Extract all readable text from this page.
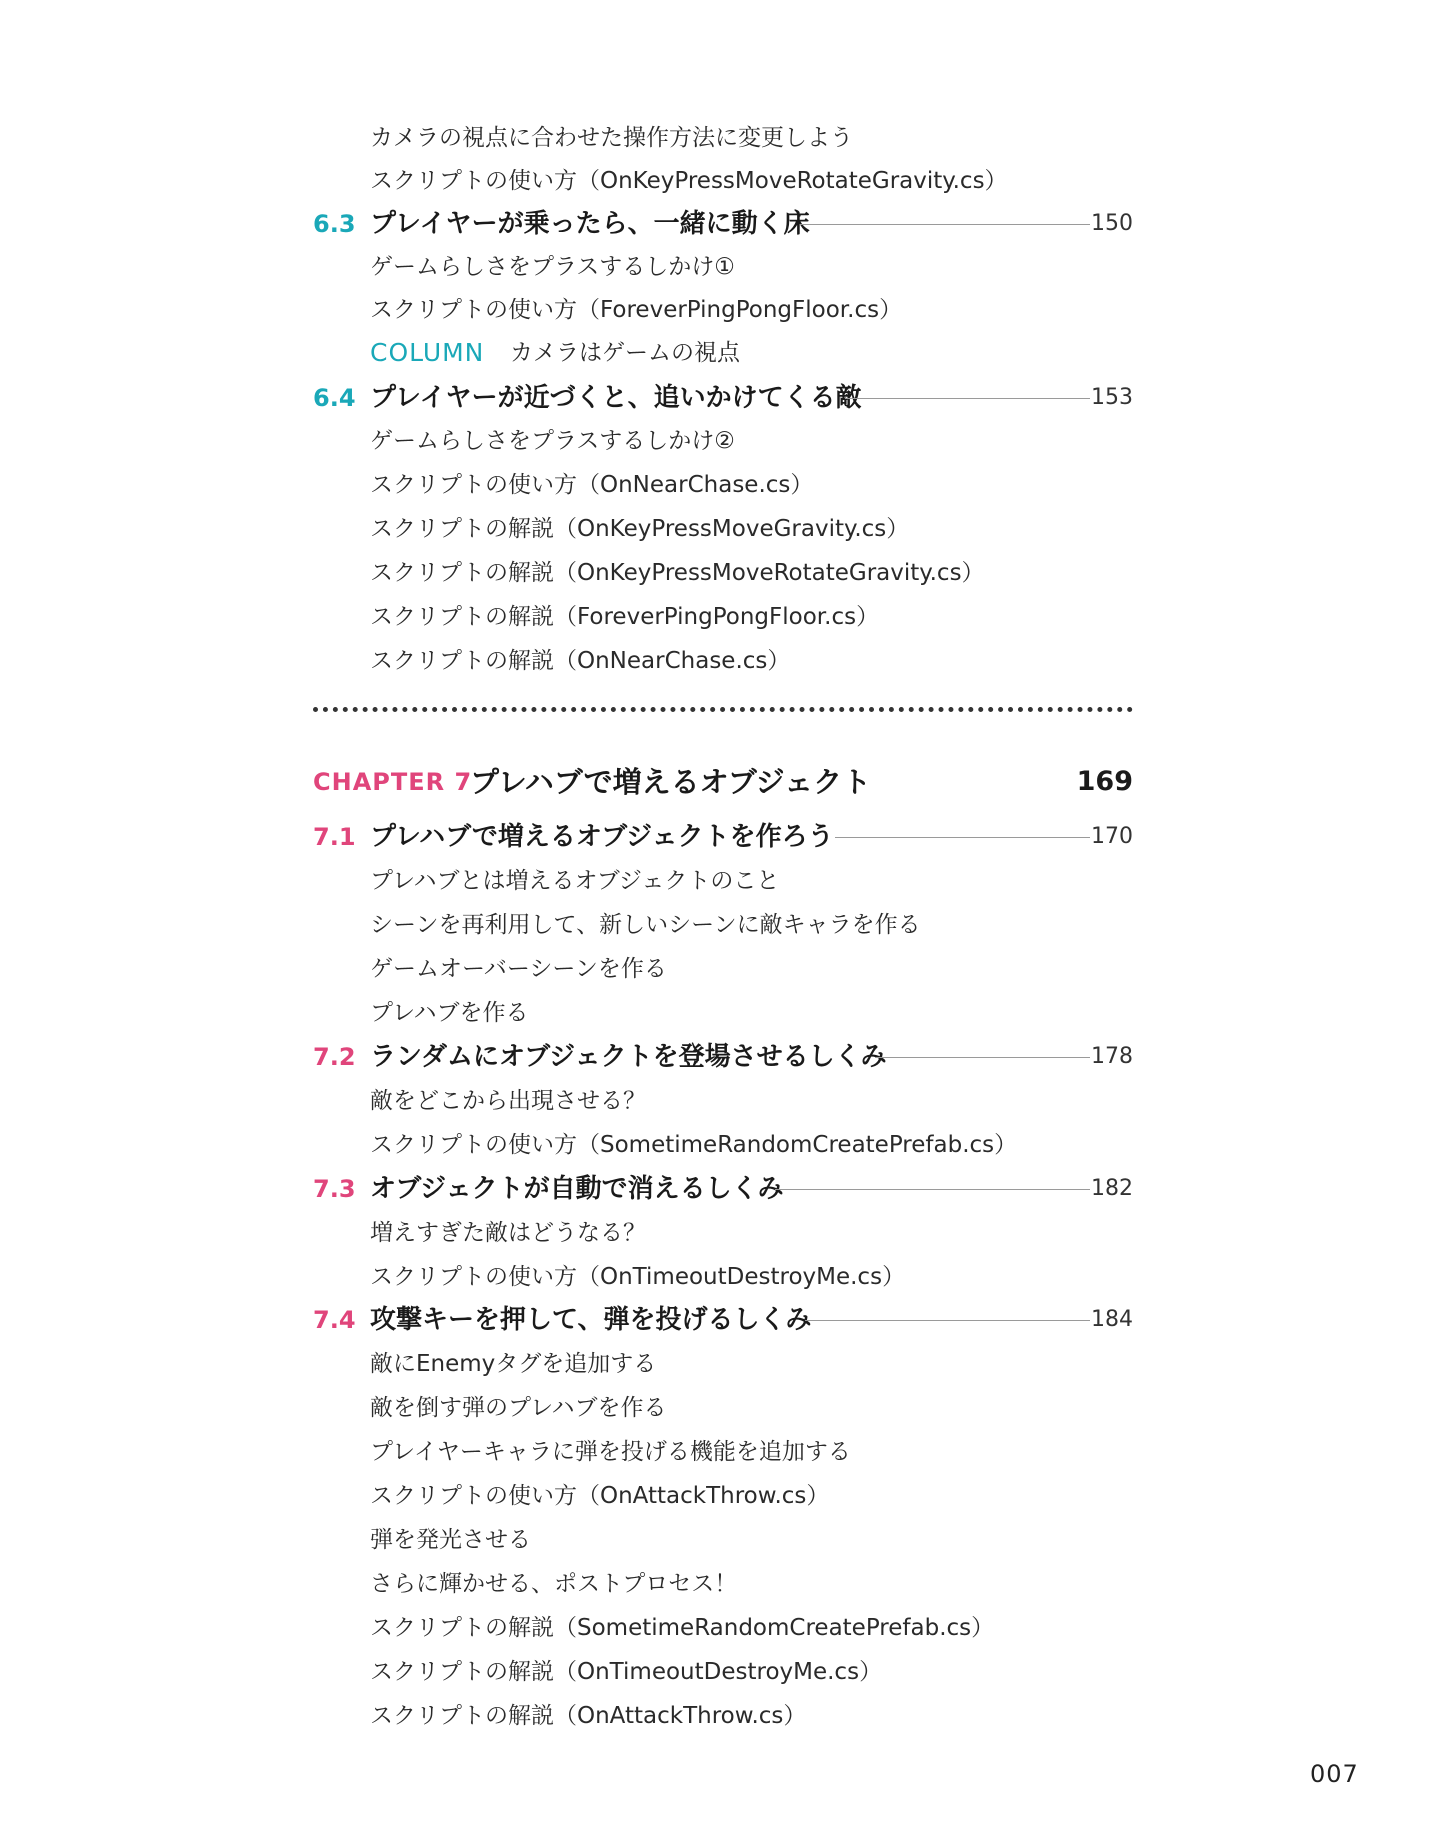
カメラの視点に合わせた操作方法に変更しよう
スクリプトの使い方（OnKeyPressMoveRotateGravity.cs）
6.3 プレイヤーが乗ったら、一緒に動く床	150
ゲームらしさをプラスするしかけ①
スクリプトの使い方（ForeverPingPongFloor.cs）
COLUMN カメラはゲームの視点
6.4 プレイヤーが近づくと、追いかけてくる敵	153
ゲームらしさをプラスするしかけ②
スクリプトの使い方（OnNearChase.cs）
スクリプトの解説（OnKeyPressMoveGravity.cs）
スクリプトの解説（OnKeyPressMoveRotateGravity.cs）
スクリプトの解説（ForeverPingPongFloor.cs）
スクリプトの解説（OnNearChase.cs）
CHAPTER 7
プレハブで増えるオブジェクト	169
7.1 プレハブで増えるオブジェクトを作ろう	170
プレハブとは増えるオブジェクトのこと
シーンを再利用して、新しいシーンに敵キャラを作る
ゲームオーバーシーンを作る
プレハブを作る
7.2 ランダムにオブジェクトを登場させるしくみ	178
敵をどこから出現させる？
スクリプトの使い方（SometimeRandomCreatePrefab.cs）
7.3 オブジェクトが自動で消えるしくみ	182
増えすぎた敵はどうなる？
スクリプトの使い方（OnTimeoutDestroyMe.cs）
7.4 攻撃キーを押して、弾を投げるしくみ	184
敵にEnemyタグを追加する
敵を倒す弾のプレハブを作る
プレイヤーキャラに弾を投げる機能を追加する
スクリプトの使い方（OnAttackThrow.cs）
弾を発光させる
さらに輝かせる、ポストプロセス！
スクリプトの解説（SometimeRandomCreatePrefab.cs）
スクリプトの解説（OnTimeoutDestroyMe.cs）
スクリプトの解説（OnAttackThrow.cs）
007
